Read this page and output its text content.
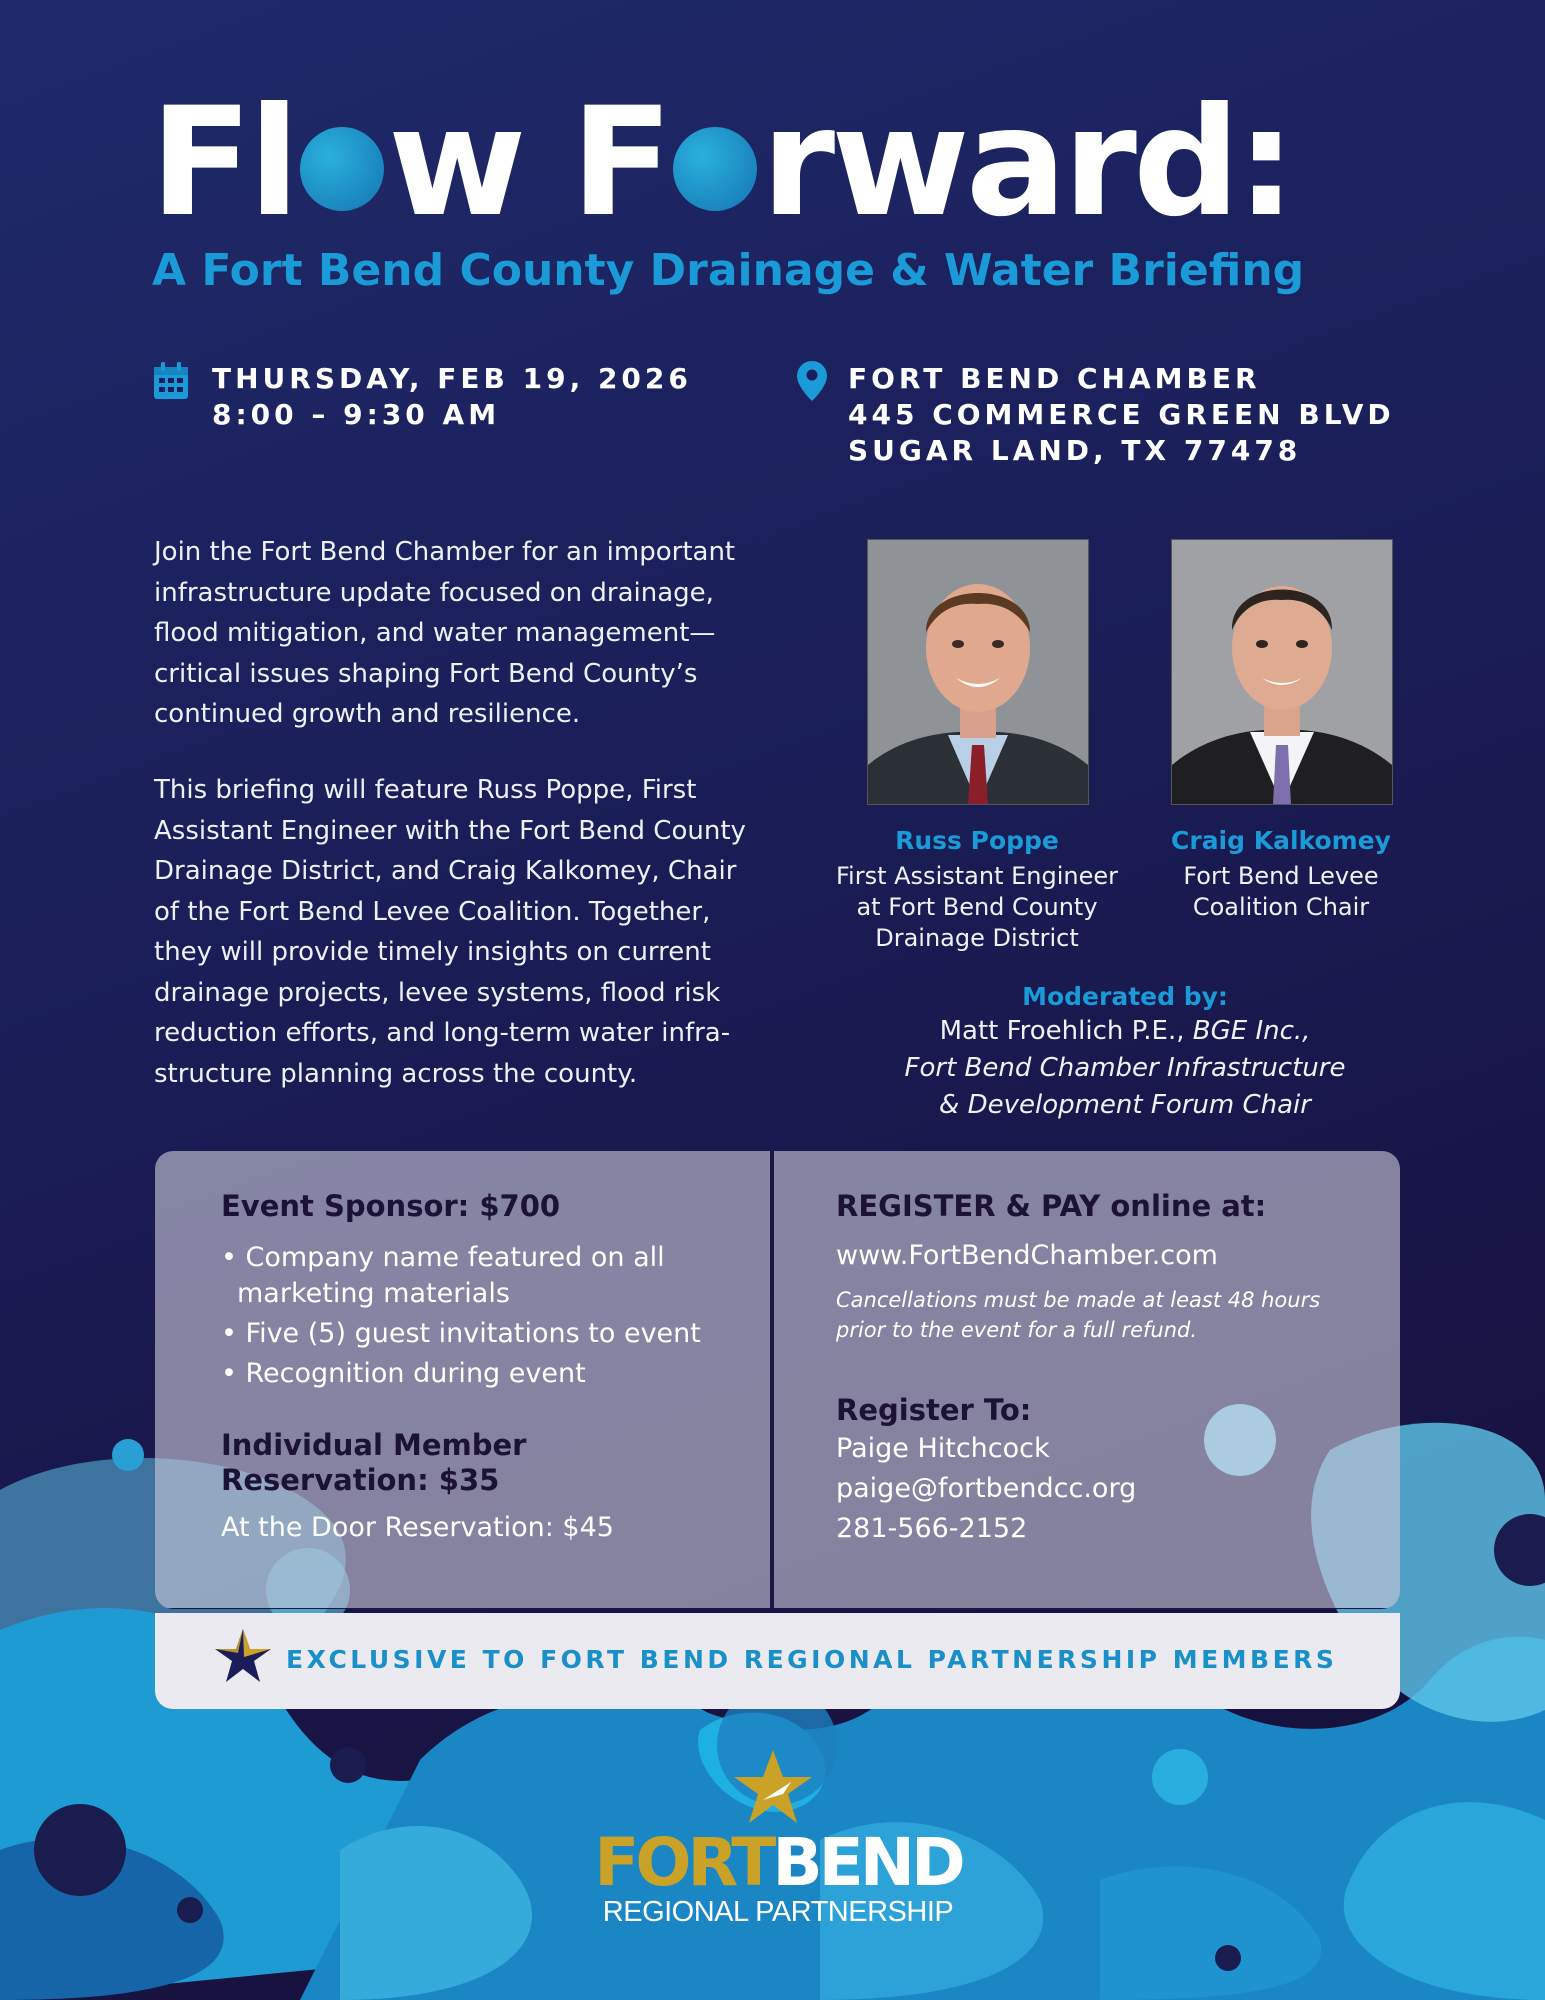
Fl w F rward:
A Fort Bend County Drainage & Water Briefing
THURSDAY, FEB 19, 2026
8:00 – 9:30 AM
FORT BEND CHAMBER
445 COMMERCE GREEN BLVD
SUGAR LAND, TX 77478
Join the Fort Bend Chamber for an important
infrastructure update focused on drainage,
flood mitigation, and water management—
critical issues shaping Fort Bend County’s
continued growth and resilience.
This briefing will feature Russ Poppe, First
Assistant Engineer with the Fort Bend County
Drainage District, and Craig Kalkomey, Chair
of the Fort Bend Levee Coalition. Together,
they will provide timely insights on current
drainage projects, levee systems, flood risk
reduction efforts, and long-term water infra-
structure planning across the county.
Russ Poppe
First Assistant Engineer
at Fort Bend County
Drainage District
Craig Kalkomey
Fort Bend Levee
Coalition Chair
Moderated by:
Matt Froehlich P.E., BGE Inc.,
Fort Bend Chamber Infrastructure
& Development Forum Chair
Event Sponsor: $700
• Company name featured on all
marketing materials
• Five (5) guest invitations to event
• Recognition during event
Individual Member
Reservation: $35
At the Door Reservation: $45
REGISTER & PAY online at:
www.FortBendChamber.com
Cancellations must be made at least 48 hours
prior to the event for a full refund.
Register To:
Paige Hitchcock
paige@fortbendcc.org
281-566-2152
EXCLUSIVE TO FORT BEND REGIONAL PARTNERSHIP MEMBERS
FORTBEND
REGIONAL PARTNERSHIP
